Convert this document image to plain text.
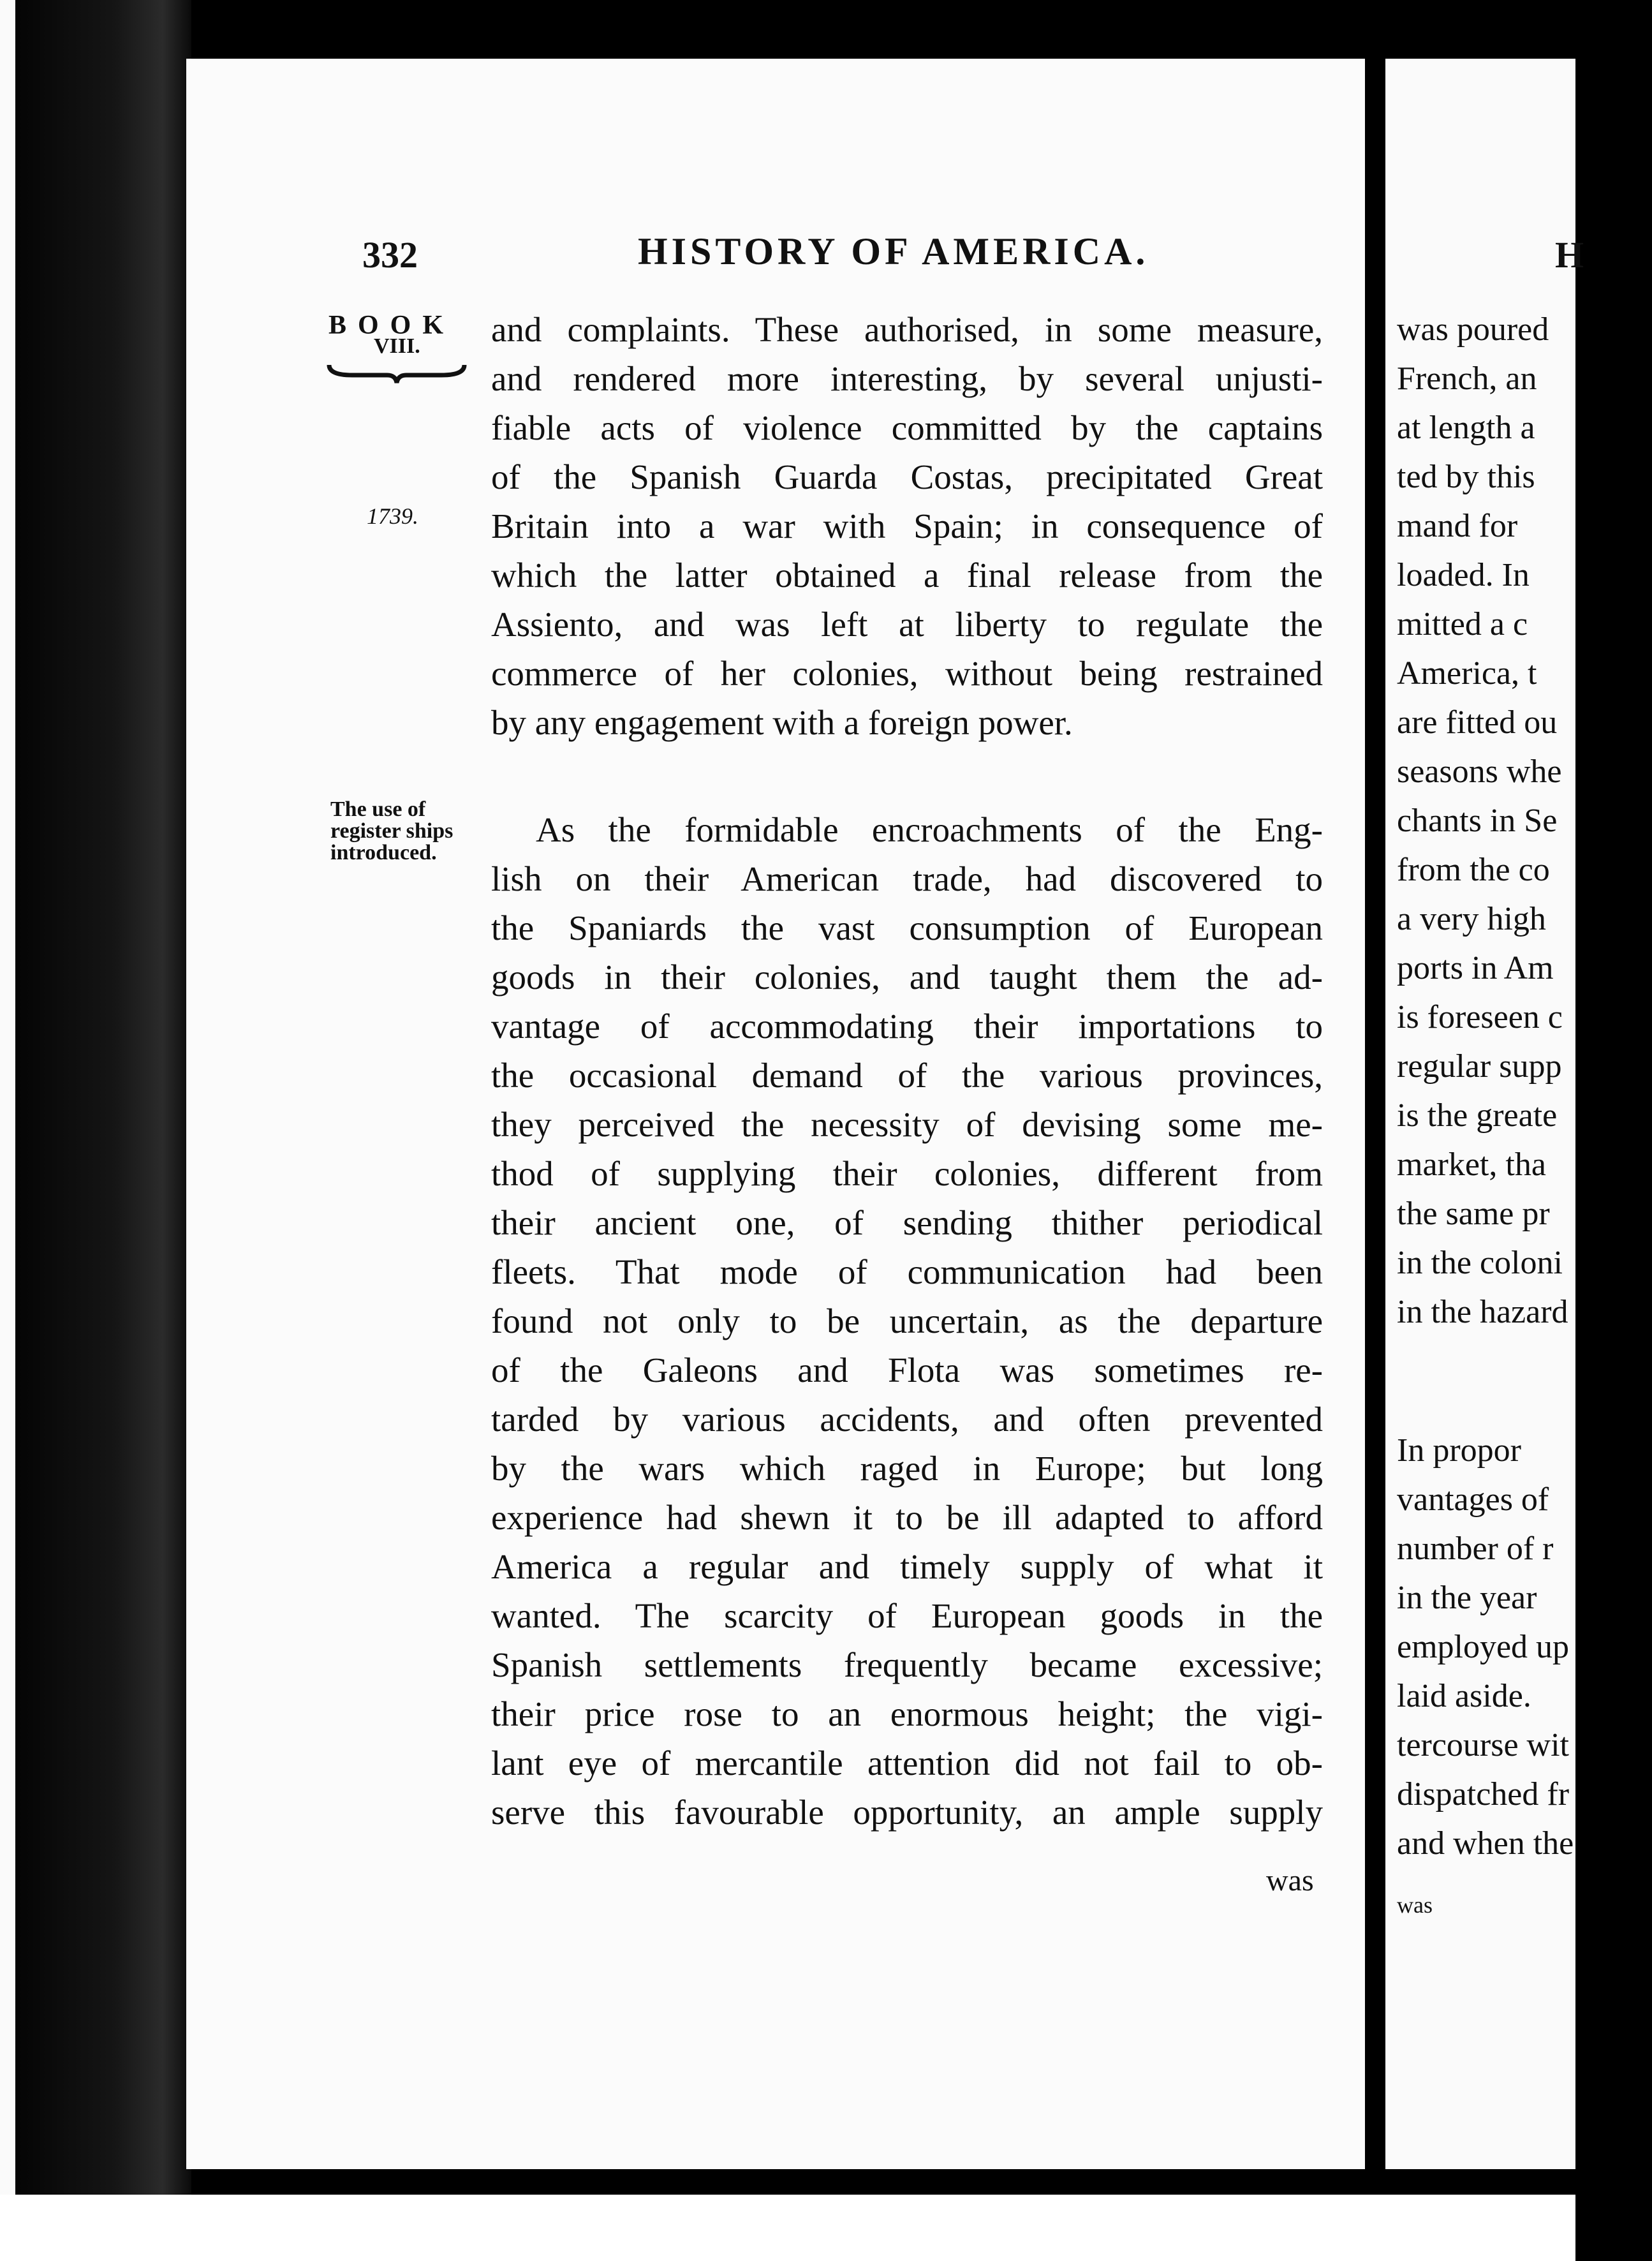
332	HISTORY OF AMERICA.
BOOK
VIII.
1739.
The use of
register ships
introduced.
and complaints. These authorised, in some measure,
and rendered more interesting, by several unjusti-
fiable acts of violence committed by the captains
of the Spanish Guarda Costas, precipitated Great
Britain into a war with Spain; in consequence of
which the latter obtained a final release from the
Assiento, and was left at liberty to regulate the
commerce of her colonies, without being restrained
by any engagement with a foreign power.
As the formidable encroachments of the Eng-
lish on their American trade, had discovered to
the Spaniards the vast consumption of European
goods in their colonies, and taught them the ad-
vantage of accommodating their importations to
the occasional demand of the various provinces,
they perceived the necessity of devising some me-
thod of supplying their colonies, different from
their ancient one, of sending thither periodical
fleets. That mode of communication had been
found not only to be uncertain, as the departure
of the Galeons and Flota was sometimes re-
tarded by various accidents, and often prevented
by the wars which raged in Europe; but long
experience had shewn it to be ill adapted to afford
America a regular and timely supply of what it
wanted. The scarcity of European goods in the
Spanish settlements frequently became excessive;
their price rose to an enormous height; the vigi-
lant eye of mercantile attention did not fail to ob-
serve this favourable opportunity, an ample supply
was
H
was poured
French, an
at length a
ted by this
mand for
loaded. In
mitted a c
America, t
are fitted ou
seasons whe
chants in Se
from the co
a very high
ports in Am
is foreseen c
regular supp
is the greate
market, tha
the same pr
in the coloni
in the hazard
In propor
vantages of
number of r
in the year
employed up
laid aside.
tercourse wit
dispatched fr
and when the
was
